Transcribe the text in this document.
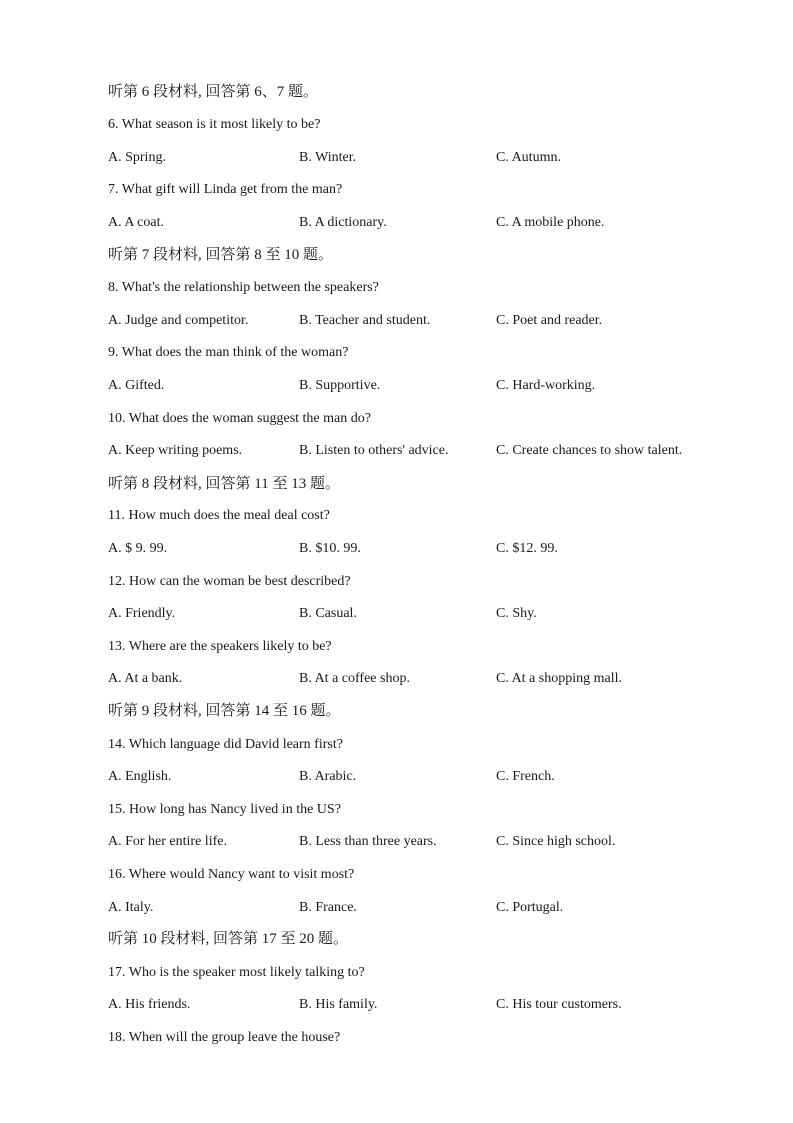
听第 6 段材料, 回答第 6、7 题。
6. What season is it most likely to be?
A. Spring.	B. Winter.	C. Autumn.
7. What gift will Linda get from the man?
A. A coat.	B. A dictionary.	C. A mobile phone.
听第 7 段材料, 回答第 8 至 10 题。
8. What's the relationship between the speakers?
A. Judge and competitor.	B. Teacher and student.	C. Poet and reader.
9. What does the man think of the woman?
A. Gifted.	B. Supportive.	C. Hard-working.
10. What does the woman suggest the man do?
A. Keep writing poems.	B. Listen to others' advice.	C. Create chances to show talent.
听第 8 段材料, 回答第 11 至 13 题。
11. How much does the meal deal cost?
A. $ 9. 99.	B. $10. 99.	C. $12. 99.
12. How can the woman be best described?
A. Friendly.	B. Casual.	C. Shy.
13. Where are the speakers likely to be?
A. At a bank.	B. At a coffee shop.	C. At a shopping mall.
听第 9 段材料, 回答第 14 至 16 题。
14. Which language did David learn first?
A. English.	B. Arabic.	C. French.
15. How long has Nancy lived in the US?
A. For her entire life.	B. Less than three years.	C. Since high school.
16. Where would Nancy want to visit most?
A. Italy.	B. France.	C. Portugal.
听第 10 段材料, 回答第 17 至 20 题。
17. Who is the speaker most likely talking to?
A. His friends.	B. His family.	C. His tour customers.
18. When will the group leave the house?
